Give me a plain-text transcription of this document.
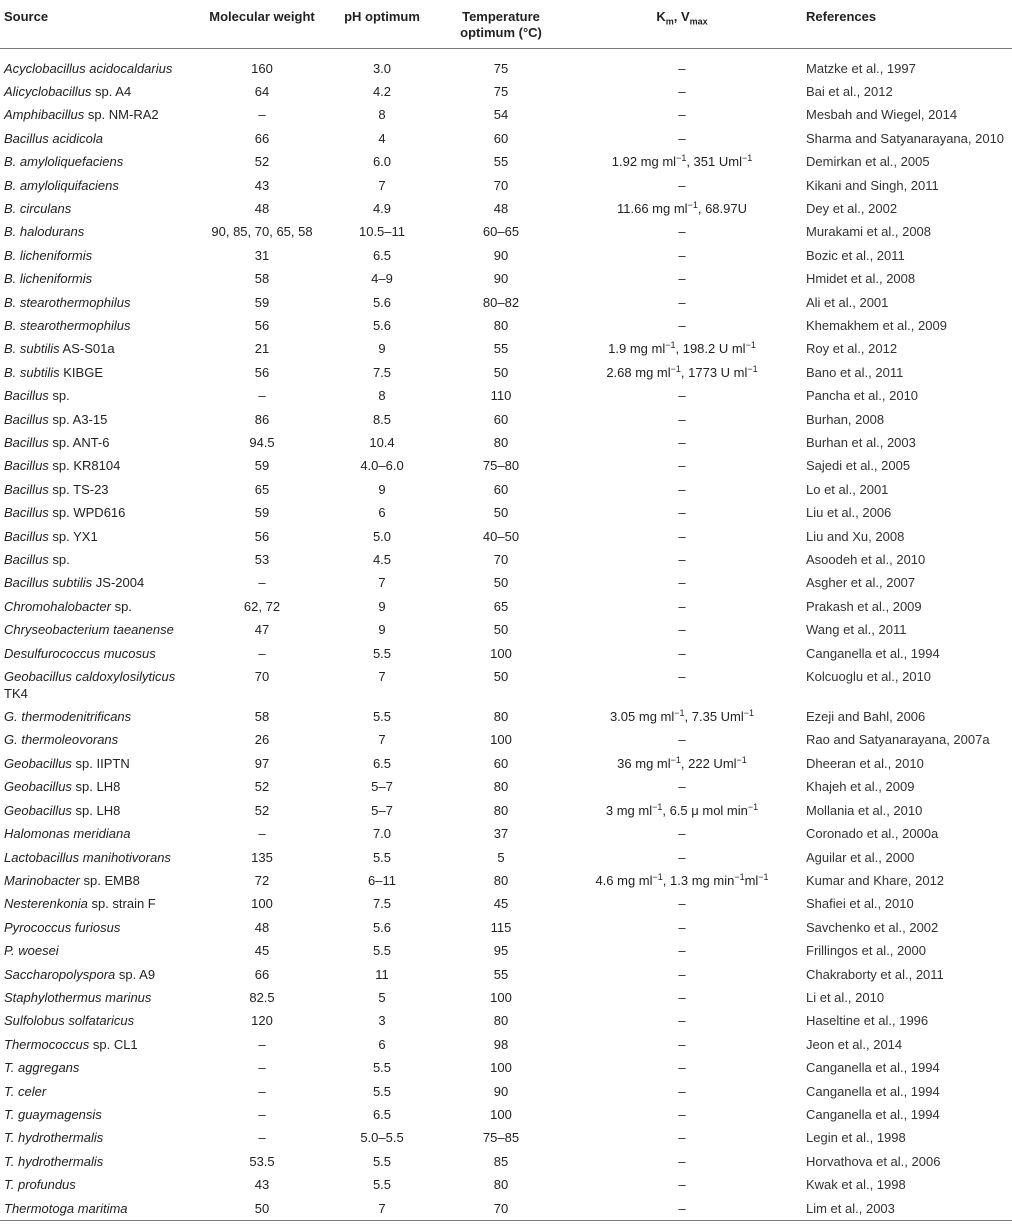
Source	Molecular weight	pH optimum	Temperature optimum (°C)	$K_m$, $V_{max}$	References
Acyclobacillus acidocaldarius	160	3.0	75	–	Matzke et al., 1997
Alicyclobacillus sp. A4	64	4.2	75	–	Bai et al., 2012
Amphibacillus sp. NM-RA2	–	8	54	–	Mesbah and Wiegel, 2014
Bacillus acidicola	66	4	60	–	Sharma and Satyanarayana, 2010
B. amyloliquefaciens	52	6.0	55	1.92 mg $ml^{-1}$, 351 Uml$^{-1}$	Demirkan et al., 2005
B. amyloliquifaciens	43	7	70	–	Kikani and Singh, 2011
B. circulans	48	4.9	48	11.66 mg $ml^{-1}$, 68.97U	Dey et al., 2002
B. halodurans	90, 85, 70, 65, 58	10.5–11	60–65	–	Murakami et al., 2008
B. licheniformis	31	6.5	90	–	Bozic et al., 2011
B. licheniformis	58	4–9	90	–	Hmidet et al., 2008
B. stearothermophilus	59	5.6	80–82	–	Ali et al., 2001
B. stearothermophilus	56	5.6	80	–	Khemakhem et al., 2009
B. subtilis AS-S01a	21	9	55	1.9 mg $ml^{-1}$, 198.2 U $ml^{-1}$	Roy et al., 2012
B. subtilis KIBGE	56	7.5	50	2.68 mg $ml^{-1}$, 1773 U $ml^{-1}$	Bano et al., 2011
Bacillus sp.	–	8	110	–	Pancha et al., 2010
Bacillus sp. A3-15	86	8.5	60	–	Burhan, 2008
Bacillus sp. ANT-6	94.5	10.4	80	–	Burhan et al., 2003
Bacillus sp. KR8104	59	4.0–6.0	75–80	–	Sajedi et al., 2005
Bacillus sp. TS-23	65	9	60	–	Lo et al., 2001
Bacillus sp. WPD616	59	6	50	–	Liu et al., 2006
Bacillus sp. YX1	56	5.0	40–50	–	Liu and Xu, 2008
Bacillus sp.	53	4.5	70	–	Asoodeh et al., 2010
Bacillus subtilis JS-2004	–	7	50	–	Asgher et al., 2007
Chromohalobacter sp.	62, 72	9	65	–	Prakash et al., 2009
Chryseobacterium taeanense	47	9	50	–	Wang et al., 2011
Desulfurococcus mucosus	–	5.5	100	–	Canganella et al., 1994
Geobacillus caldoxylosilyticus TK4	70	7	50	–	Kolcuoglu et al., 2010
G. thermodenitrificans	58	5.5	80	3.05 mg $ml^{-1}$, 7.35 Uml$^{-1}$	Ezeji and Bahl, 2006
G. thermoleovorans	26	7	100	–	Rao and Satyanarayana, 2007a
Geobacillus sp. IIPTN	97	6.5	60	36 mg $ml^{-1}$, 222 Uml$^{-1}$	Dheeran et al., 2010
Geobacillus sp. LH8	52	5–7	80	–	Khajeh et al., 2009
Geobacillus sp. LH8	52	5–7	80	3 mg $ml^{-1}$, 6.5 μ mol $\min^{-1}$	Mollania et al., 2010
Halomonas meridiana	–	7.0	37	–	Coronado et al., 2000a
Lactobacillus manihotivorans	135	5.5	5	–	Aguilar et al., 2000
Marinobacter sp. EMB8	72	6–11	80	4.6 mg $ml^{-1}$, 1.3 mg $\min^{-1}ml^{-1}$	Kumar and Khare, 2012
Nesterenkonia sp. strain F	100	7.5	45	–	Shafiei et al., 2010
Pyrococcus furiosus	48	5.6	115	–	Savchenko et al., 2002
P. woesei	45	5.5	95	–	Frillingos et al., 2000
Saccharopolyspora sp. A9	66	11	55	–	Chakraborty et al., 2011
Staphylothermus marinus	82.5	5	100	–	Li et al., 2010
Sulfolobus solfataricus	120	3	80	–	Haseltine et al., 1996
Thermococcus sp. CL1	–	6	98	–	Jeon et al., 2014
T. aggregans	–	5.5	100	–	Canganella et al., 1994
T. celer	–	5.5	90	–	Canganella et al., 1994
T. guaymagensis	–	6.5	100	–	Canganella et al., 1994
T. hydrothermalis	–	5.0–5.5	75–85	–	Legin et al., 1998
T. hydrothermalis	53.5	5.5	85	–	Horvathova et al., 2006
T. profundus	43	5.5	80	–	Kwak et al., 1998
Thermotoga maritima	50	7	70	–	Lim et al., 2003
